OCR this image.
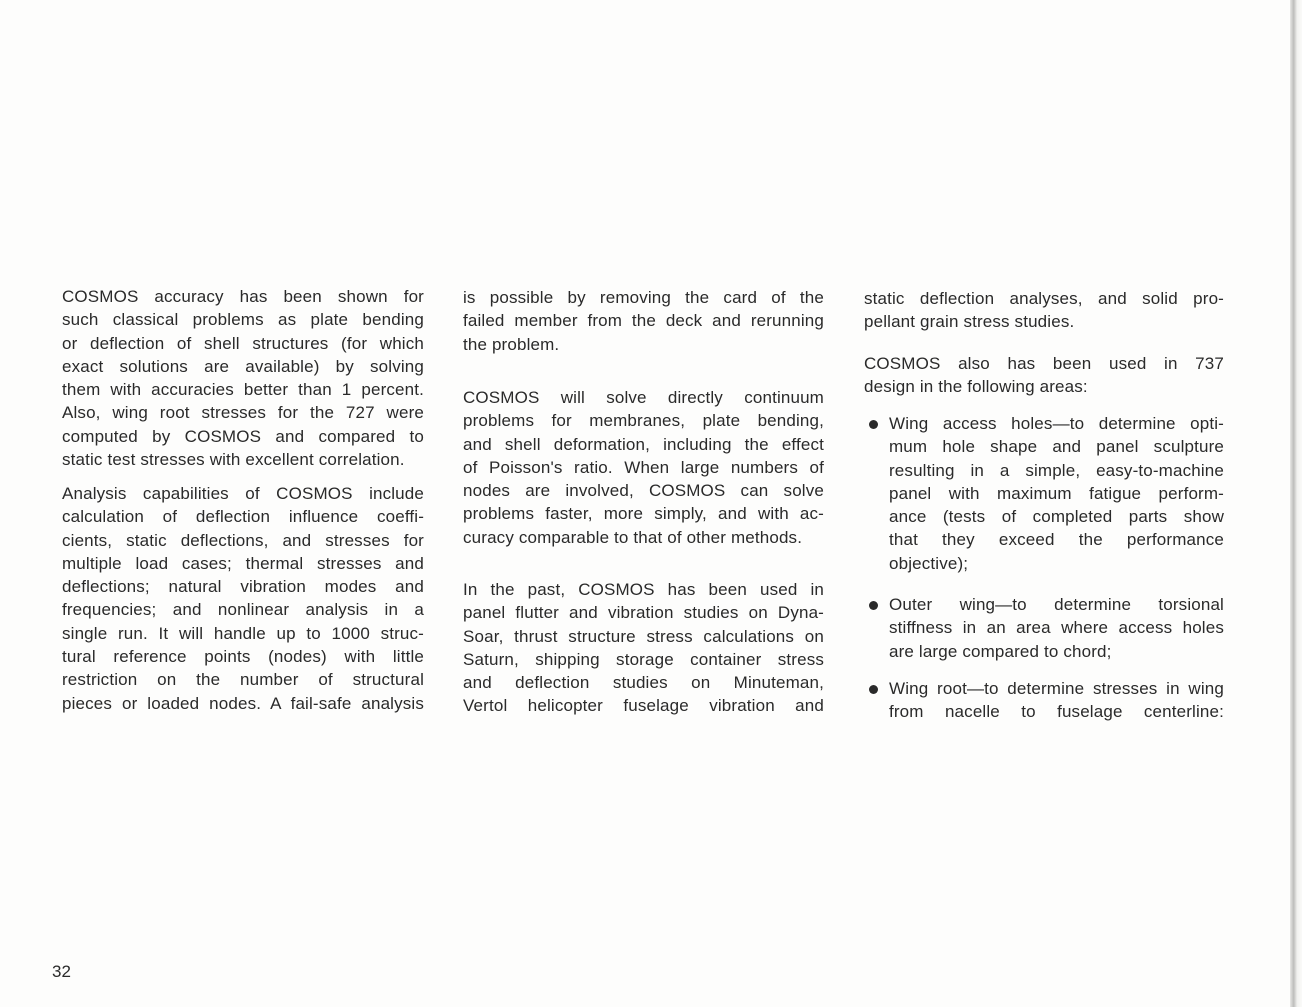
COSMOS accuracy has been shown for
such classical problems as plate bending
or deflection of shell structures (for which
exact solutions are available) by solving
them with accuracies better than 1 percent.
Also, wing root stresses for the 727 were
computed by COSMOS and compared to
static test stresses with excellent correlation.
Analysis capabilities of COSMOS include
calculation of deflection influence coeffi-
cients, static deflections, and stresses for
multiple load cases; thermal stresses and
deflections; natural vibration modes and
frequencies; and nonlinear analysis in a
single run. It will handle up to 1000 struc-
tural reference points (nodes) with little
restriction on the number of structural
pieces or loaded nodes. A fail-safe analysis
is possible by removing the card of the
failed member from the deck and rerunning
the problem.
COSMOS will solve directly continuum
problems for membranes, plate bending,
and shell deformation, including the effect
of Poisson's ratio. When large numbers of
nodes are involved, COSMOS can solve
problems faster, more simply, and with ac-
curacy comparable to that of other methods.
In the past, COSMOS has been used in
panel flutter and vibration studies on Dyna-
Soar, thrust structure stress calculations on
Saturn, shipping storage container stress
and deflection studies on Minuteman,
Vertol helicopter fuselage vibration and
static deflection analyses, and solid pro-
pellant grain stress studies.
COSMOS also has been used in 737
design in the following areas:
Wing access holes—to determine opti-
mum hole shape and panel sculpture
resulting in a simple, easy-to-machine
panel with maximum fatigue perform-
ance (tests of completed parts show
that they exceed the performance
objective);
Outer wing—to determine torsional
stiffness in an area where access holes
are large compared to chord;
Wing root—to determine stresses in wing
from nacelle to fuselage centerline:
32
